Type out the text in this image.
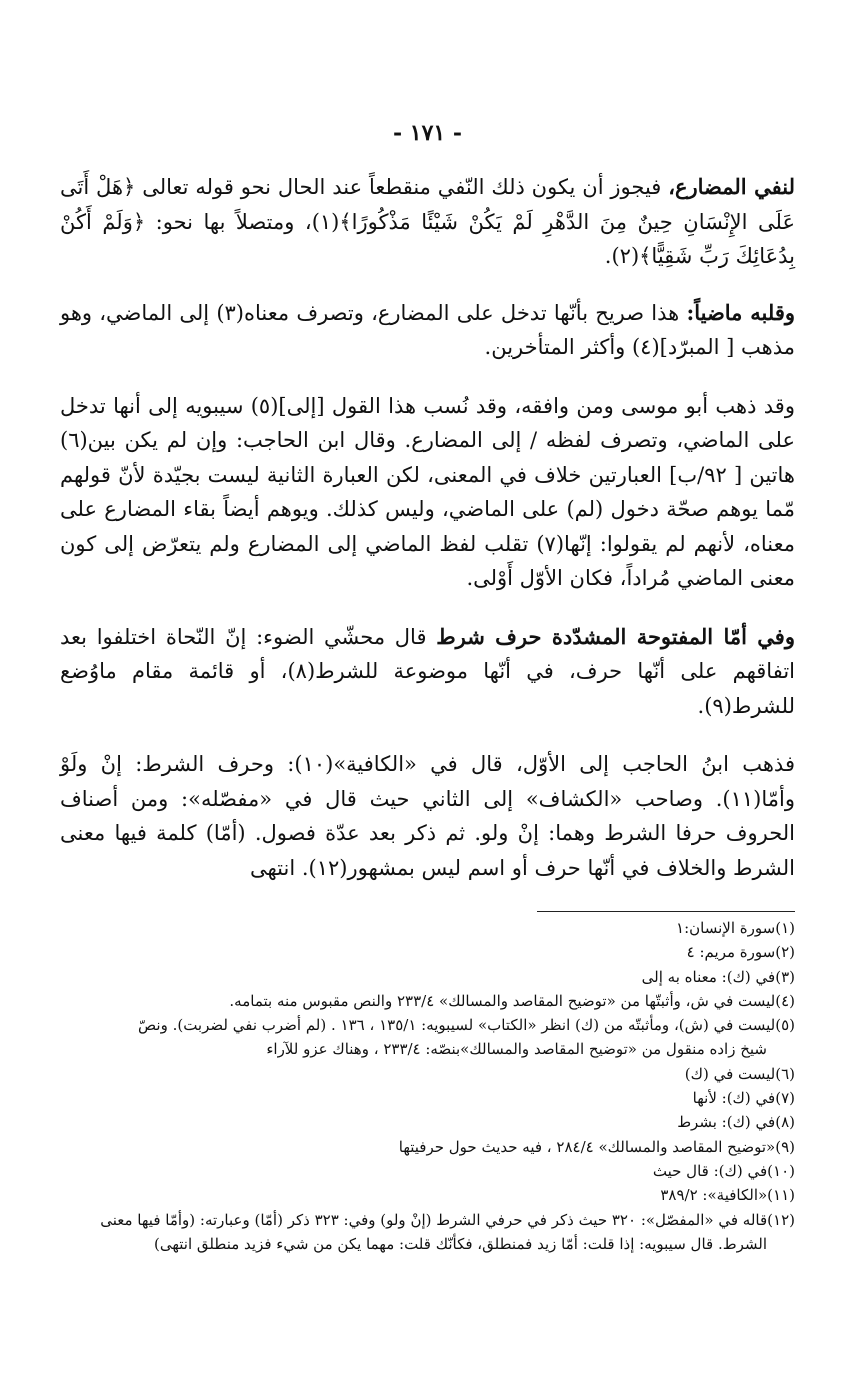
- ١٧١ -

لنفي المضارع، فيجوز أن يكون ذلك النّفي منقطعاً عند الحال نحو قوله تعالى ﴿هَلْ أَتَى عَلَى الإِنْسَانِ حِينٌ مِنَ الدَّهْرِ لَمْ يَكُنْ شَيْئًا مَذْكُورًا﴾(١)، ومتصلاً بها نحو: ﴿وَلَمْ أَكُنْ بِدُعَائِكَ رَبِّ شَقِيًّا﴾(٢).

وقلبه ماضياً: هذا صريح بأنّها تدخل على المضارع، وتصرف معناه(٣) إلى الماضي، وهو مذهب [ المبرّد](٤) وأكثر المتأخرين.

وقد ذهب أبو موسى ومن وافقه، وقد نُسب هذا القول [إلى](٥) سيبويه إلى أنها تدخل على الماضي، وتصرف لفظه / إلى المضارع. وقال ابن الحاجب: وإن لم يكن بين(٦) هاتين [ ٩٢/ب] العبارتين خلاف في المعنى، لكن العبارة الثانية ليست بجيّدة لأنّ قولهم مّما يوهم صحّة دخول (لم) على الماضي، وليس كذلك. ويوهم أيضاً بقاء المضارع على معناه، لأنهم لم يقولوا: إنّها(٧) تقلب لفظ الماضي إلى المضارع ولم يتعرّض إلى كون معنى الماضي مُراداً، فكان الأوّل أَوْلى.

وفي أمّا المفتوحة المشدّدة حرف شرط قال محشّي الضوء: إنّ النّحاة اختلفوا بعد اتفاقهم على أنّها حرف، في أنّها موضوعة للشرط(٨)، أو قائمة مقام ماوُضع للشرط(٩).

فذهب ابنُ الحاجب إلى الأوّل، قال في «الكافية»(١٠): وحرف الشرط: إنْ ولَوْ وأمّا(١١). وصاحب «الكشاف» إلى الثاني حيث قال في «مفصّله»: ومن أصناف الحروف حرفا الشرط وهما: إنْ ولو. ثم ذكر بعد عدّة فصول. (أمّا) كلمة فيها معنى الشرط والخلاف في أنّها حرف أو اسم ليس بمشهور(١٢). انتهى

(١)سورة الإنسان:١

(٢)سورة مريم: ٤

(٣)في (ك): معناه به إلى

(٤)ليست في ش، وأثبتّها من «توضيح المقاصد والمسالك» ٢٣٣/٤ والنص مقبوس منه بتمامه.

(٥)ليست في (ش)، ومأثبتّه من (ك) انظر «الكتاب» لسيبويه: ١٣٥/١ ، ١٣٦ . (لم أضرب نفي لضربت). ونصّ
شيخ زاده منقول من «توضيح المقاصد والمسالك»بنصّه: ٢٣٣/٤ ، وهناك عزو للآراء

(٦)ليست في (ك)

(٧)في (ك): لأنها

(٨)في (ك): بشرط

(٩)«توضيح المقاصد والمسالك» ٢٨٤/٤ ، فيه حديث حول حرفيتها

(١٠)في (ك): قال حيث

(١١)«الكافية»: ٣٨٩/٢

(١٢)قاله في «المفصّل»: ٣٢٠ حيث ذكر في حرفي الشرط (إنْ ولو) وفي: ٣٢٣ ذكر (أمّا) وعبارته: (وأمّا فيها معنى
الشرط. قال سيبويه: إذا قلت: أمّا زيد فمنطلق، فكأنّك قلت: مهما يكن من شيء فزيد منطلق انتهى)
